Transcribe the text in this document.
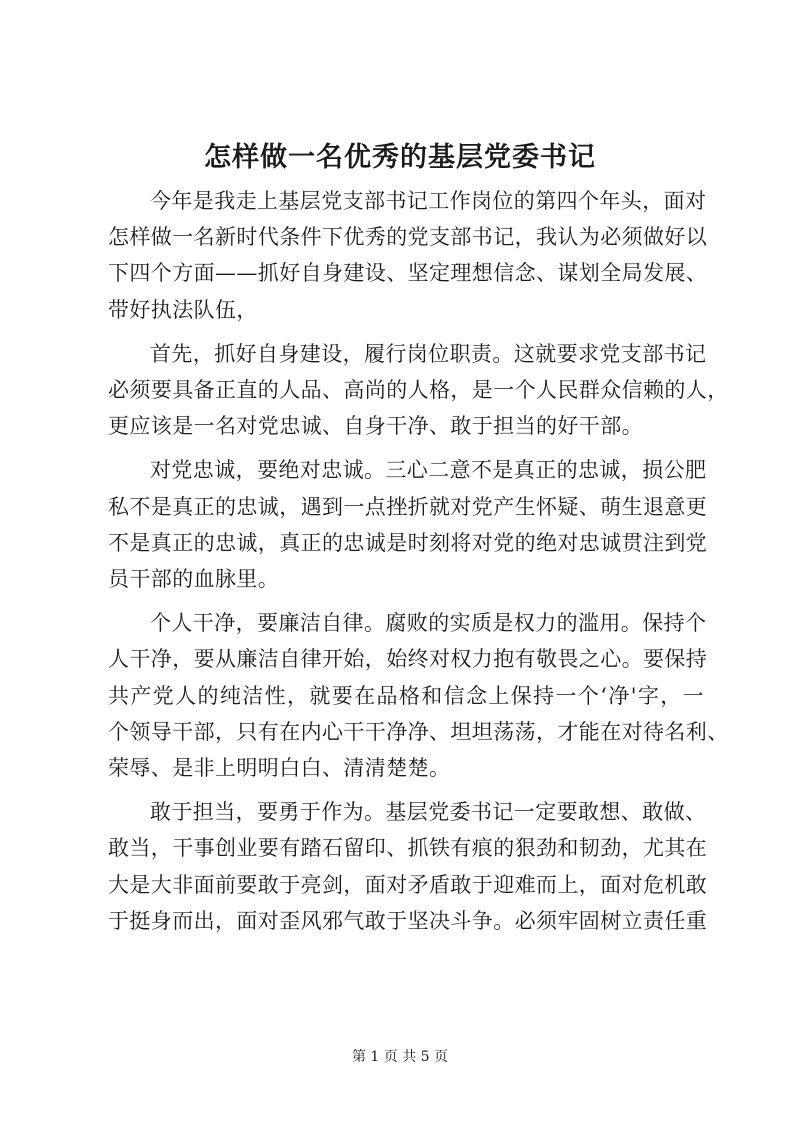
怎样做一名优秀的基层党委书记
今年是我走上基层党支部书记工作岗位的第四个年头，面对
怎样做一名新时代条件下优秀的党支部书记，我认为必须做好以
下四个方面——抓好自身建设、坚定理想信念、谋划全局发展、
带好执法队伍，
首先，抓好自身建设，履行岗位职责。这就要求党支部书记
必须要具备正直的人品、高尚的人格，是一个人民群众信赖的人，
更应该是一名对党忠诚、自身干净、敢于担当的好干部。
对党忠诚，要绝对忠诚。三心二意不是真正的忠诚，损公肥
私不是真正的忠诚，遇到一点挫折就对党产生怀疑、萌生退意更
不是真正的忠诚，真正的忠诚是时刻将对党的绝对忠诚贯注到党
员干部的血脉里。
个人干净，要廉洁自律。腐败的实质是权力的滥用。保持个
人干净，要从廉洁自律开始，始终对权力抱有敬畏之心。要保持
共产党人的纯洁性，就要在品格和信念上保持一个‘净'字，一
个领导干部，只有在内心干干净净、坦坦荡荡，才能在对待名利、
荣辱、是非上明明白白、清清楚楚。
敢于担当，要勇于作为。基层党委书记一定要敢想、敢做、
敢当，干事创业要有踏石留印、抓铁有痕的狠劲和韧劲，尤其在
大是大非面前要敢于亮剑，面对矛盾敢于迎难而上，面对危机敢
于挺身而出，面对歪风邪气敢于坚决斗争。必须牢固树立责任重
第 1 页 共 5 页
